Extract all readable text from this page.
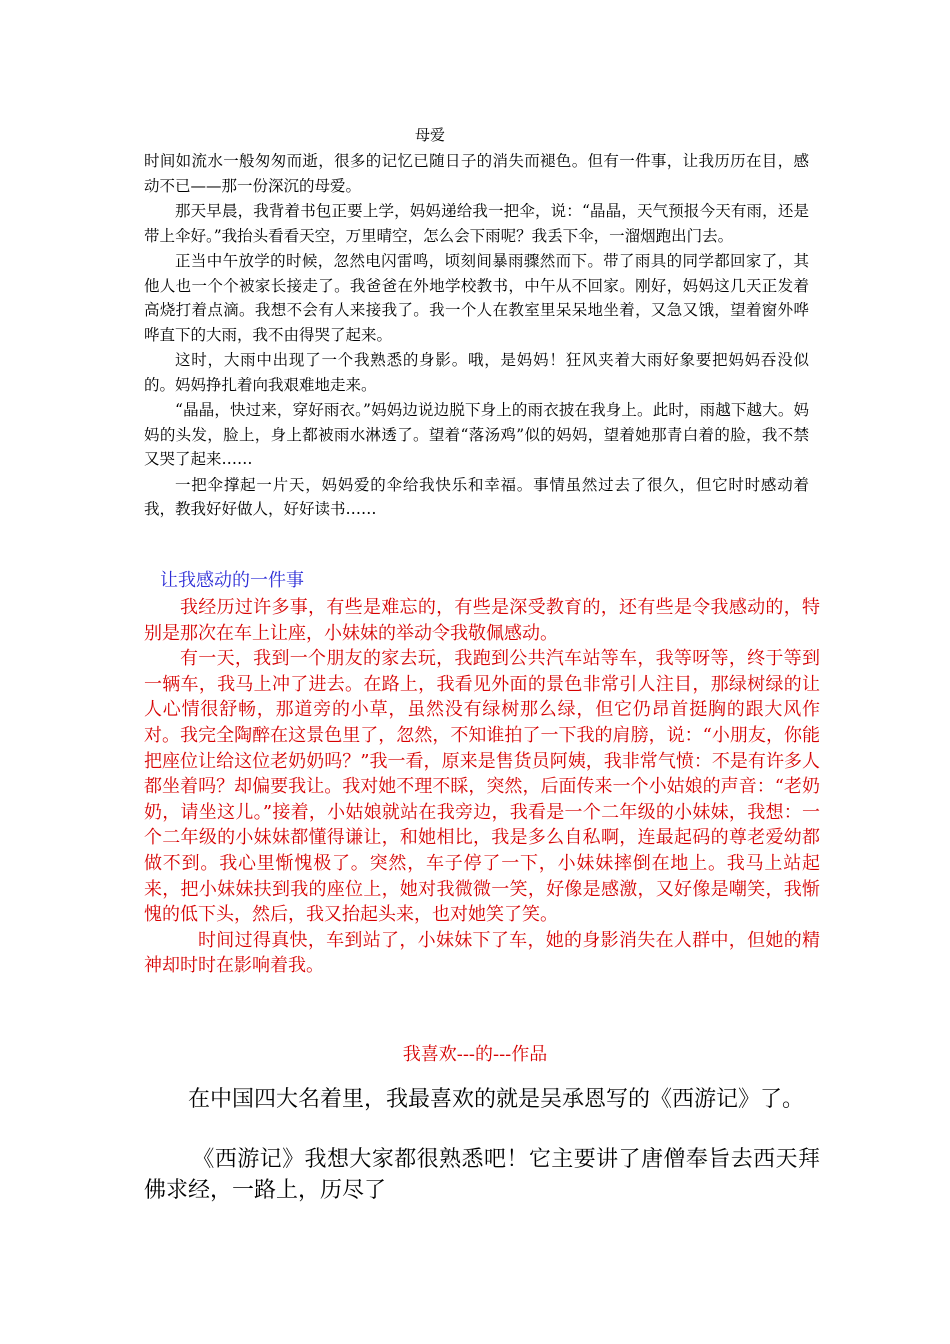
母爱

时间如流水一般匆匆而逝，很多的记忆已随日子的消失而褪色。但有一件事，让我历历在目，感动不已——那一份深沉的母爱。

那天早晨，我背着书包正要上学，妈妈递给我一把伞，说：“晶晶，天气预报今天有雨，还是带上伞好。”我抬头看看天空，万里晴空，怎么会下雨呢？我丢下伞，一溜烟跑出门去。

正当中午放学的时候，忽然电闪雷鸣，顷刻间暴雨骤然而下。带了雨具的同学都回家了，其他人也一个个被家长接走了。我爸爸在外地学校教书，中午从不回家。刚好，妈妈这几天正发着高烧打着点滴。我想不会有人来接我了。我一个人在教室里呆呆地坐着，又急又饿，望着窗外哗哗直下的大雨，我不由得哭了起来。

这时，大雨中出现了一个我熟悉的身影。哦，是妈妈！狂风夹着大雨好象要把妈妈吞没似的。妈妈挣扎着向我艰难地走来。

“晶晶，快过来，穿好雨衣。”妈妈边说边脱下身上的雨衣披在我身上。此时，雨越下越大。妈妈的头发，脸上，身上都被雨水淋透了。望着“落汤鸡”似的妈妈，望着她那青白着的脸，我不禁又哭了起来……

一把伞撑起一片天，妈妈爱的伞给我快乐和幸福。事情虽然过去了很久，但它时时感动着我，教我好好做人，好好读书……

让我感动的一件事

我经历过许多事，有些是难忘的，有些是深受教育的，还有些是令我感动的，特别是那次在车上让座，小妹妹的举动令我敬佩感动。

有一天，我到一个朋友的家去玩，我跑到公共汽车站等车，我等呀等，终于等到一辆车，我马上冲了进去。在路上，我看见外面的景色非常引人注目，那绿树绿的让人心情很舒畅，那道旁的小草，虽然没有绿树那么绿，但它仍昂首挺胸的跟大风作对。我完全陶醉在这景色里了，忽然，不知谁拍了一下我的肩膀，说：“小朋友，你能把座位让给这位老奶奶吗？”我一看，原来是售货员阿姨，我非常气愤：不是有许多人都坐着吗？却偏要我让。我对她不理不睬，突然，后面传来一个小姑娘的声音：“老奶奶，请坐这儿。”接着，小姑娘就站在我旁边，我看是一个二年级的小妹妹，我想：一个二年级的小妹妹都懂得谦让，和她相比，我是多么自私啊，连最起码的尊老爱幼都做不到。我心里惭愧极了。突然，车子停了一下，小妹妹摔倒在地上。我马上站起来，把小妹妹扶到我的座位上，她对我微微一笑，好像是感激，又好像是嘲笑，我惭愧的低下头，然后，我又抬起头来，也对她笑了笑。

时间过得真快，车到站了，小妹妹下了车，她的身影消失在人群中，但她的精神却时时在影响着我。

我喜欢---的---作品

在中国四大名着里，我最喜欢的就是吴承恩写的《西游记》了。

《西游记》我想大家都很熟悉吧！它主要讲了唐僧奉旨去西天拜佛求经，一路上，历尽了
